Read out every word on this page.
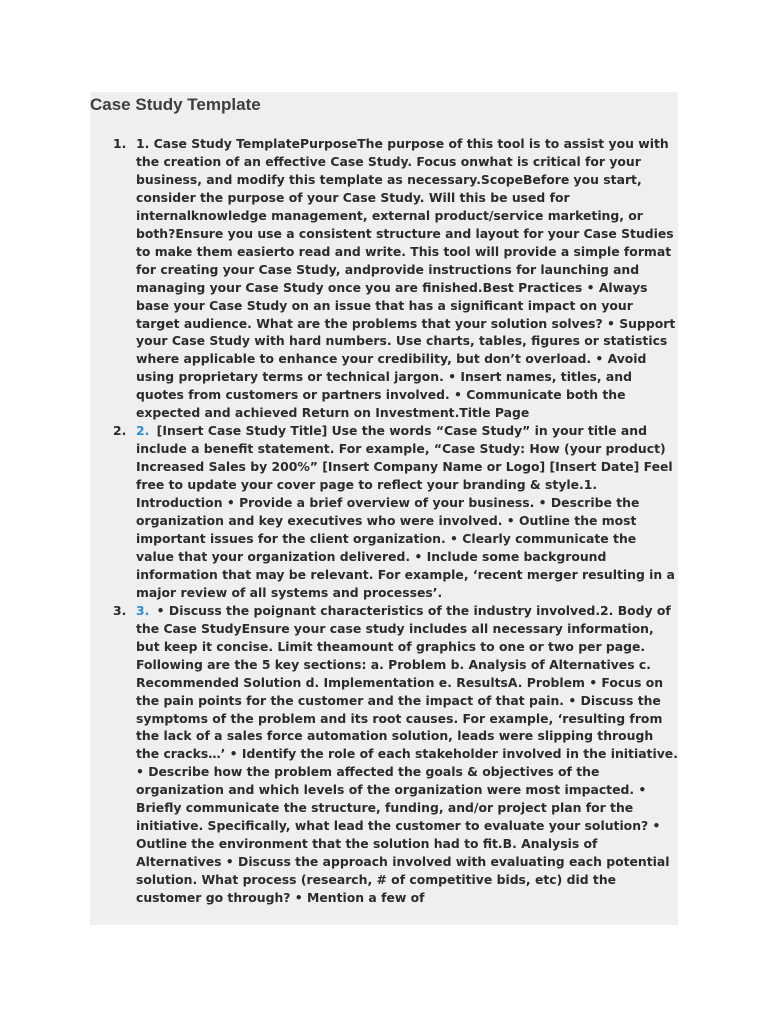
Case Study Template
1. 1. Case Study TemplatePurposeThe purpose of this tool is to assist you with the creation of an effective Case Study. Focus onwhat is critical for your business, and modify this template as necessary.ScopeBefore you start, consider the purpose of your Case Study. Will this be used for internalknowledge management, external product/service marketing, or both?Ensure you use a consistent structure and layout for your Case Studies to make them easierto read and write. This tool will provide a simple format for creating your Case Study, andprovide instructions for launching and managing your Case Study once you are finished.Best Practices • Always base your Case Study on an issue that has a significant impact on your target audience. What are the problems that your solution solves? • Support your Case Study with hard numbers. Use charts, tables, figures or statistics where applicable to enhance your credibility, but don’t overload. • Avoid using proprietary terms or technical jargon. • Insert names, titles, and quotes from customers or partners involved. • Communicate both the expected and achieved Return on Investment.Title Page
2. 2. [Insert Case Study Title] Use the words “Case Study” in your title and include a benefit statement. For example, “Case Study: How (your product) Increased Sales by 200%” [Insert Company Name or Logo] [Insert Date] Feel free to update your cover page to reflect your branding & style.1. Introduction • Provide a brief overview of your business. • Describe the organization and key executives who were involved. • Outline the most important issues for the client organization. • Clearly communicate the value that your organization delivered. • Include some background information that may be relevant. For example, ‘recent merger resulting in a major review of all systems and processes’.
3. 3. • Discuss the poignant characteristics of the industry involved.2. Body of the Case StudyEnsure your case study includes all necessary information, but keep it concise. Limit theamount of graphics to one or two per page. Following are the 5 key sections: a. Problem b. Analysis of Alternatives c. Recommended Solution d. Implementation e. ResultsA. Problem • Focus on the pain points for the customer and the impact of that pain. • Discuss the symptoms of the problem and its root causes. For example, ‘resulting from the lack of a sales force automation solution, leads were slipping through the cracks…’ • Identify the role of each stakeholder involved in the initiative. • Describe how the problem affected the goals & objectives of the organization and which levels of the organization were most impacted. • Briefly communicate the structure, funding, and/or project plan for the initiative. Specifically, what lead the customer to evaluate your solution? • Outline the environment that the solution had to fit.B. Analysis of Alternatives • Discuss the approach involved with evaluating each potential solution. What process (research, # of competitive bids, etc) did the customer go through? • Mention a few of
